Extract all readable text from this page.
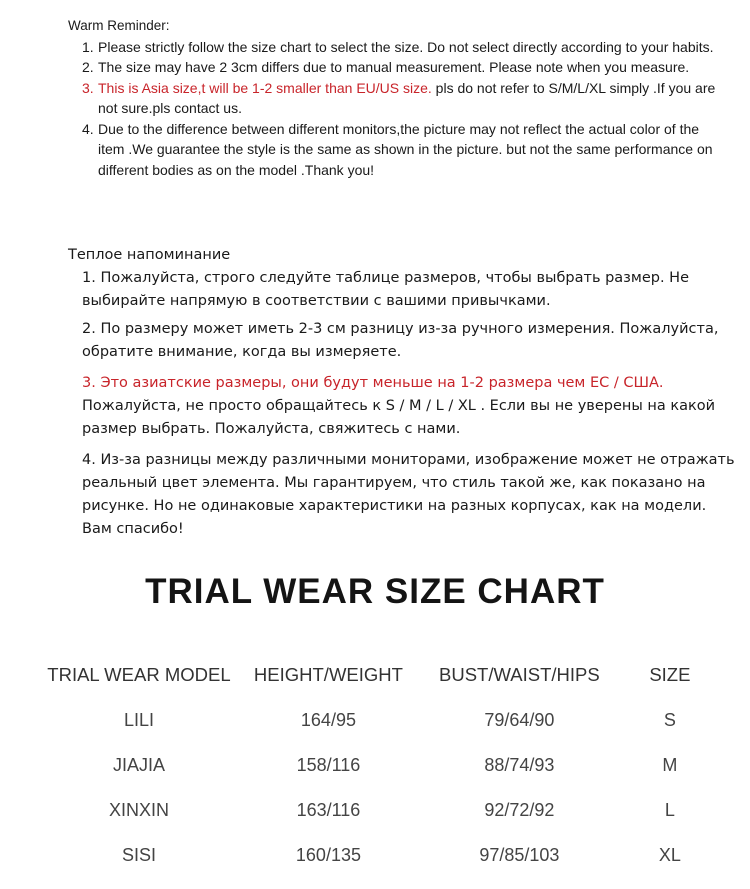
Warm Reminder:
1. Please strictly follow the size chart to select the size. Do not select directly according to your habits.
2. The size may have 2 3cm differs due to manual measurement. Please note when you measure.
3. This is Asia size,t will be 1-2 smaller than EU/US size. pls do not refer to S/M/L/XL simply .If you are not sure.pls contact us.
4. Due to the difference between different monitors,the picture may not reflect the actual color of the item .We guarantee the style is the same as shown in the picture. but not the same performance on different bodies as on the model .Thank you!
Теплое напоминание
1. Пожалуйста, строго следуйте таблице размеров, чтобы выбрать размер. Не выбирайте напрямую в соответствии с вашими привычками.
2. По размеру может иметь 2-3 см разницу из-за ручного измерения. Пожалуйста, обратите внимание, когда вы измеряете.
3. Это азиатские размеры, они будут меньше на 1-2 размера чем ЕС / США.
Пожалуйста, не просто обращайтесь к S / M / L / XL . Если вы не уверены на какой размер выбрать. Пожалуйста, свяжитесь с нами.
4. Из-за разницы между различными мониторами, изображение может не отражать реальный цвет элемента. Мы гарантируем, что стиль такой же, как показано на рисунке. Но не одинаковые характеристики на разных корпусах, как на модели. Вам спасибо!
TRIAL WEAR SIZE CHART
TRIAL WEAR MODEL	HEIGHT/WEIGHT	BUST/WAIST/HIPS	SIZE
LILI	164/95	79/64/90	S
JIAJIA	158/116	88/74/93	M
XINXIN	163/116	92/72/92	L
SISI	160/135	97/85/103	XL
